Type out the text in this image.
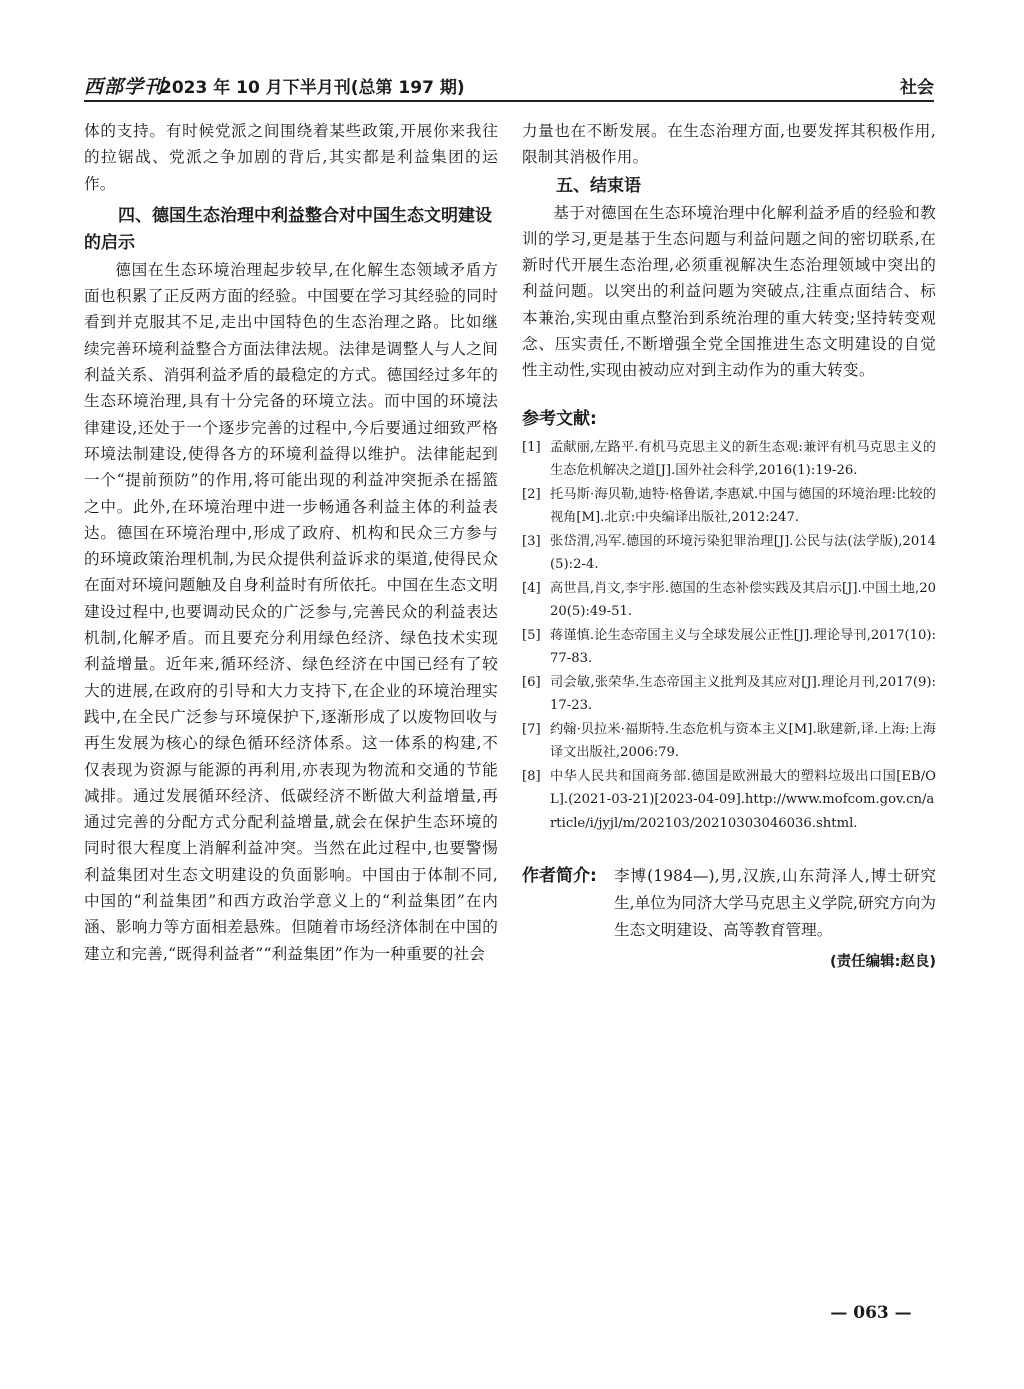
西部学刊
2023 年 10 月下半月刊(总第 197 期)	社会

体的支持。有时候党派之间围绕着某些政策,开展你来我往的拉锯战、党派之争加剧的背后,其实都是利益集团的运作。

四、德国生态治理中利益整合对中国生态文明建设的启示

德国在生态环境治理起步较早,在化解生态领域矛盾方面也积累了正反两方面的经验。中国要在学习其经验的同时看到并克服其不足,走出中国特色的生态治理之路。比如继续完善环境利益整合方面法律法规。法律是调整人与人之间利益关系、消弭利益矛盾的最稳定的方式。德国经过多年的生态环境治理,具有十分完备的环境立法。而中国的环境法律建设,还处于一个逐步完善的过程中,今后要通过细致严格环境法制建设,使得各方的环境利益得以维护。法律能起到一个“提前预防”的作用,将可能出现的利益冲突扼杀在摇篮之中。此外,在环境治理中进一步畅通各利益主体的利益表达。德国在环境治理中,形成了政府、机构和民众三方参与的环境政策治理机制,为民众提供利益诉求的渠道,使得民众在面对环境问题触及自身利益时有所依托。中国在生态文明建设过程中,也要调动民众的广泛参与,完善民众的利益表达机制,化解矛盾。而且要充分利用绿色经济、绿色技术实现利益增量。近年来,循环经济、绿色经济在中国已经有了较大的进展,在政府的引导和大力支持下,在企业的环境治理实践中,在全民广泛参与环境保护下,逐渐形成了以废物回收与再生发展为核心的绿色循环经济体系。这一体系的构建,不仅表现为资源与能源的再利用,亦表现为物流和交通的节能减排。通过发展循环经济、低碳经济不断做大利益增量,再通过完善的分配方式分配利益增量,就会在保护生态环境的同时很大程度上消解利益冲突。当然在此过程中,也要警惕利益集团对生态文明建设的负面影响。中国由于体制不同,中国的“利益集团”和西方政治学意义上的“利益集团”在内涵、影响力等方面相差悬殊。但随着市场经济体制在中国的建立和完善,“既得利益者”“利益集团”作为一种重要的社会

力量也在不断发展。在生态治理方面,也要发挥其积极作用,限制其消极作用。

五、结束语

基于对德国在生态环境治理中化解利益矛盾的经验和教训的学习,更是基于生态问题与利益问题之间的密切联系,在新时代开展生态治理,必须重视解决生态治理领域中突出的利益问题。以突出的利益问题为突破点,注重点面结合、标本兼治,实现由重点整治到系统治理的重大转变;坚持转变观念、压实责任,不断增强全党全国推进生态文明建设的自觉性主动性,实现由被动应对到主动作为的重大转变。

参考文献:

[1] 孟献丽,左路平.有机马克思主义的新生态观:兼评有机马克思主义的生态危机解决之道[J].国外社会科学,2016(1):19-26.
[2] 托马斯·海贝勒,迪特·格鲁诺,李惠斌.中国与德国的环境治理:比较的视角[M].北京:中央编译出版社,2012:247.
[3] 张岱渭,冯军.德国的环境污染犯罪治理[J].公民与法(法学版),2014(5):2-4.
[4] 高世昌,肖文,李宇彤.德国的生态补偿实践及其启示[J].中国土地,2020(5):49-51.
[5] 蒋谨慎.论生态帝国主义与全球发展公正性[J].理论导刊,2017(10):77-83.
[6] 司会敏,张荣华.生态帝国主义批判及其应对[J].理论月刊,2017(9):17-23.
[7] 约翰·贝拉米·福斯特.生态危机与资本主义[M].耿建新,译.上海:上海译文出版社,2006:79.
[8] 中华人民共和国商务部.德国是欧洲最大的塑料垃圾出口国[EB/OL].(2021-03-21)[2023-04-09].http://www.mofcom.gov.cn/article/i/jyjl/m/202103/20210303046036.shtml.
作者简介:	李博(1984—),男,汉族,山东菏泽人,博士研究生,单位为同济大学马克思主义学院,研究方向为生态文明建设、高等教育管理。
(责任编辑:赵良)
— 063 —
